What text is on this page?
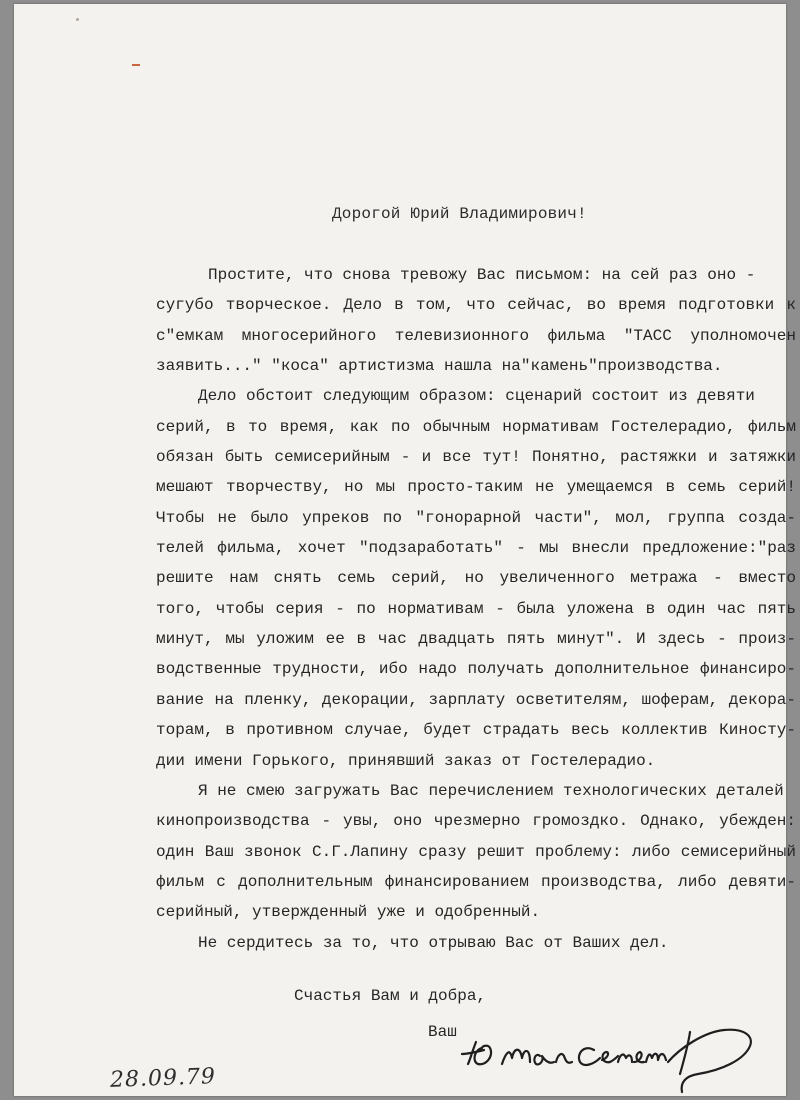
Дорогой Юрий Владимирович!
Простите, что снова тревожу Вас письмом: на сей раз оно -
сугубо творческое. Дело в том, что сейчас, во время подготовки к
с"емкам многосерийного телевизионного фильма "ТАСС уполномочен
заявить..." "коса" артистизма нашла на"камень"производства.
Дело обстоит следующим образом: сценарий состоит из девяти
серий, в то время, как по обычным нормативам Гостелерадио, фильм
обязан быть семисерийным - и все тут! Понятно, растяжки и затяжки
мешают творчеству, но мы просто-таким не умещаемся в семь серий!
Чтобы не было упреков по "гонорарной части", мол, группа созда-
телей фильма, хочет "подзаработать" - мы внесли предложение:"раз
решите нам снять семь серий, но увеличенного метража - вместо
того, чтобы серия - по нормативам - была уложена в один час пять
минут, мы уложим ее в час двадцать пять минут". И здесь - произ-
водственные трудности, ибо надо получать дополнительное финансиро-
вание на пленку, декорации, зарплату осветителям, шоферам, декора-
торам, в противном случае, будет страдать весь коллектив Киносту-
дии имени Горького, принявший заказ от Гостелерадио.
Я не смею загружать Вас перечислением технологических деталей
кинопроизводства - увы, оно чрезмерно громоздко. Однако, убежден:
один Ваш звонок С.Г.Лапину сразу решит проблему: либо семисерийный
фильм с дополнительным финансированием производства, либо девяти-
серийный, утвержденный уже и одобренный.
Не сердитесь за то, что отрываю Вас от Ваших дел.
Счастья Вам и добра,
Ваш
28.09.79
